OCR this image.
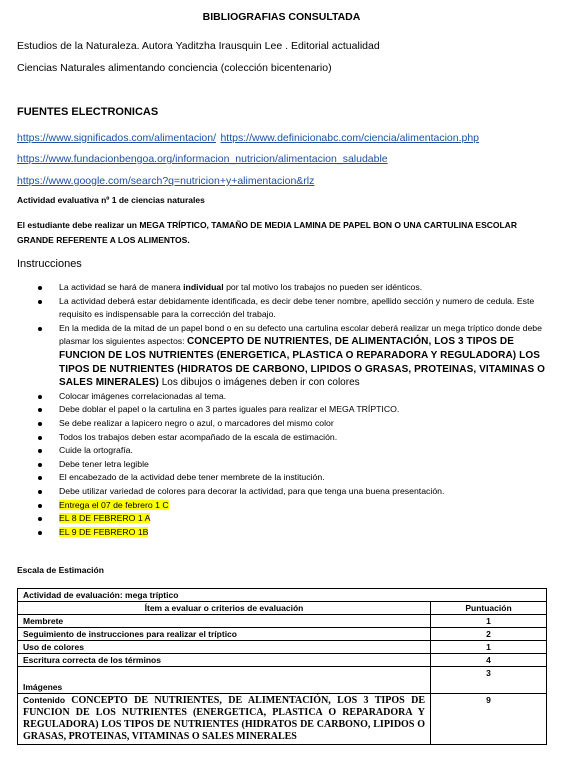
BIBLIOGRAFIAS CONSULTADA
Estudios de la Naturaleza. Autora Yaditzha Irausquin Lee . Editorial actualidad
Ciencias Naturales alimentando conciencia (colección bicentenario)
FUENTES ELECTRONICAS
https://www.significados.com/alimentacion/ https://www.definicionabc.com/ciencia/alimentacion.php
https://www.fundacionbengoa.org/informacion_nutricion/alimentacion_saludable
https://www.google.com/search?q=nutricion+y+alimentacion&rlz
Actividad evaluativa nº 1 de ciencias naturales
El estudiante debe realizar un MEGA TRÍPTICO, TAMAÑO DE MEDIA LAMINA DE PAPEL BON O UNA CARTULINA ESCOLAR GRANDE REFERENTE A LOS ALIMENTOS.
Instrucciones
La actividad se hará de manera individual por tal motivo los trabajos no pueden ser idénticos.
La actividad deberá estar debidamente identificada, es decir debe tener nombre, apellido sección y numero de cedula. Este requisito es indispensable para la corrección del trabajo.
En la medida de la mitad de un papel bond o en su defecto una cartulina escolar deberá realizar un mega tríptico donde debe plasmar los siguientes aspectos: CONCEPTO DE NUTRIENTES, DE ALIMENTACIÓN, LOS 3 TIPOS DE FUNCION DE LOS NUTRIENTES (ENERGETICA, PLASTICA O REPARADORA Y REGULADORA) LOS TIPOS DE NUTRIENTES (HIDRATOS DE CARBONO, LIPIDOS O GRASAS, PROTEINAS, VITAMINAS O SALES MINERALES) Los dibujos o imágenes deben ir con colores
Colocar imágenes correlacionadas al tema.
Debe doblar el papel o la cartulina en 3 partes iguales para realizar el MEGA TRÍPTICO.
Se debe realizar a lapicero negro o azul, o marcadores del mismo color
Todos los trabajos deben estar acompañado de la escala de estimación.
Cuide la ortografía.
Debe tener letra legible
El encabezado de la actividad debe tener membrete de la institución.
Debe utilizar variedad de colores para decorar la actividad, para que tenga una buena presentación.
Entrega el 07 de febrero 1 C
EL 8 DE FEBRERO 1 A
EL 9 DE FEBRERO 1B
Escala de Estimación
Actividad de evaluación: mega tríptico	
Ítem a evaluar o criterios de evaluación	Puntuación
Membrete	1
Seguimiento de instrucciones para realizar el tríptico	2
Uso de colores	1
Escritura correcta de los términos	4
Imágenes	3
Contenido CONCEPTO DE NUTRIENTES, DE ALIMENTACIÓN, LOS 3 TIPOS DE FUNCION DE LOS NUTRIENTES (ENERGETICA, PLASTICA O REPARADORA Y REGULADORA) LOS TIPOS DE NUTRIENTES (HIDRATOS DE CARBONO, LIPIDOS O GRASAS, PROTEINAS, VITAMINAS O SALES MINERALES	9
